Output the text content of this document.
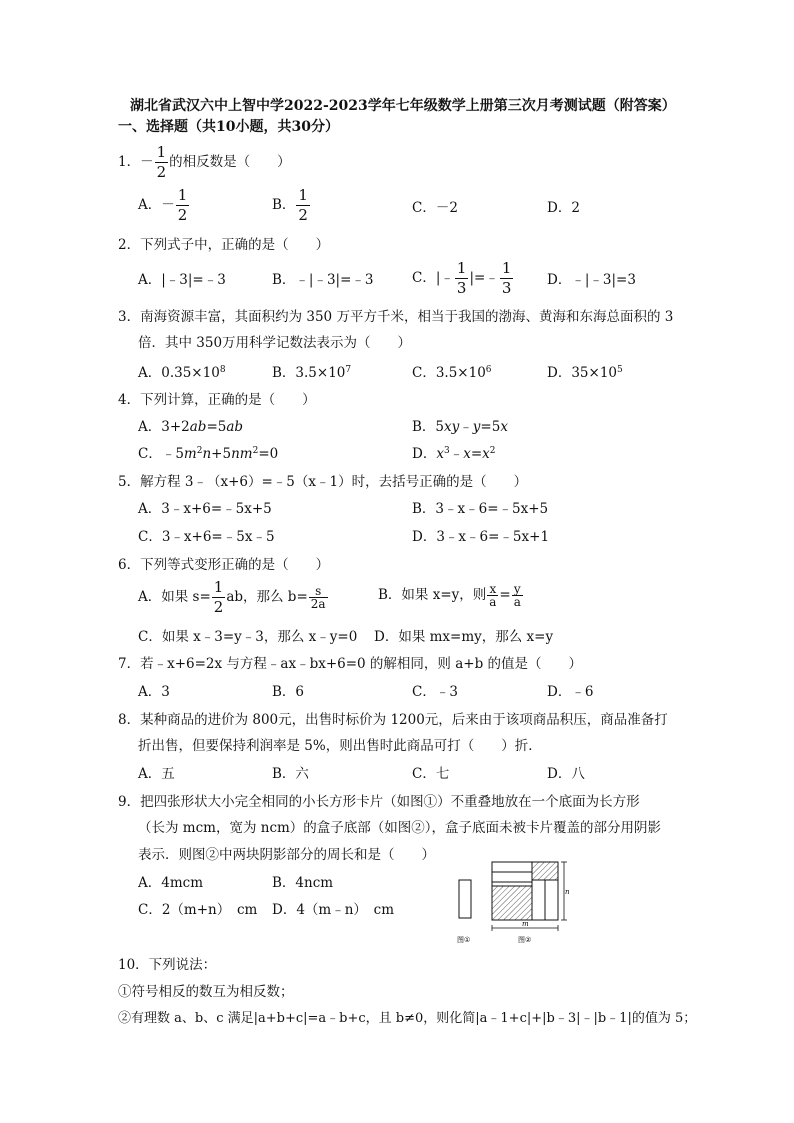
湖北省武汉六中上智中学2022-2023学年七年级数学上册第三次月考测试题（附答案）
一、选择题（共10小题，共30分）
1．－ $\frac{1}{2}$ 的相反数是（　　）
A．－ $\frac{1}{2}$	B． $\frac{1}{2}$	C．－2	D．2
2．下列式子中，正确的是（　　）
A．|﹣3|=﹣3	B．﹣|﹣3|=﹣3	C．|﹣ $\frac{1}{3}$ |=﹣ $\frac{1}{3}$ D．﹣|﹣3|=3
3．南海资源丰富，其面积约为 350 万平方千米，相当于我国的渤海、黄海和东海总面积的 3
倍．其中 350万用科学记数法表示为（　　）
A．$0.35\times 10^8$	B．$3.5\times 10^7$	C．$3.5\times 10^6$	D．$35\times 10^5$
4．下列计算，正确的是（　　）
A．3+2ab=5ab	B．5xy﹣y=5x
C．$﹣5m^2n+5nm^2=0$	D．$x^3﹣x=x^2$
5．解方程 3﹣（x+6）=﹣5（x﹣1）时，去括号正确的是（　　）
A．3﹣x+6=﹣5x+5	B．3﹣x﹣6=﹣5x+5
C．3﹣x+6=﹣5x﹣5	D．3﹣x﹣6=﹣5x+1
6．下列等式变形正确的是（　　）
A．如果 $s= \frac{1}{2}$ ab，那么 $b= \frac{s}{2a}$	B．如果 x=y，则 $\frac{x}{a} = \frac{y}{a}$
C．如果 x﹣3=y﹣3，那么 x﹣y=0 D．如果 mx=my，那么 x=y
7．若﹣x+6=2x 与方程﹣ax﹣bx+6=0 的解相同，则 a+b 的值是（　　）
A．3	B．6	C．﹣3	D．﹣6
8．某种商品的进价为 800元，出售时标价为 1200元，后来由于该项商品积压，商品准备打
折出售，但要保持利润率是 5%，则出售时此商品可打（　　）折．
A．五	B．六	C．七	D．八
9．把四张形状大小完全相同的小长方形卡片（如图①）不重叠地放在一个底面为长方形
（长为 mcm，宽为 ncm）的盒子底部（如图②），盒子底面未被卡片覆盖的部分用阴影
表示．则图②中两块阴影部分的周长和是（　　）
A．4mcm	B．4ncm
C．2（m+n）　cm D．4（m﹣n）　cm
n
m
图①	图②
10．下列说法：
①符号相反的数互为相反数；
②有理数 a、b、c 满足|a+b+c|=a﹣b+c，且 b≠0，则化简|a﹣1+c|+|b﹣3|﹣|b﹣1|的值为 5；
